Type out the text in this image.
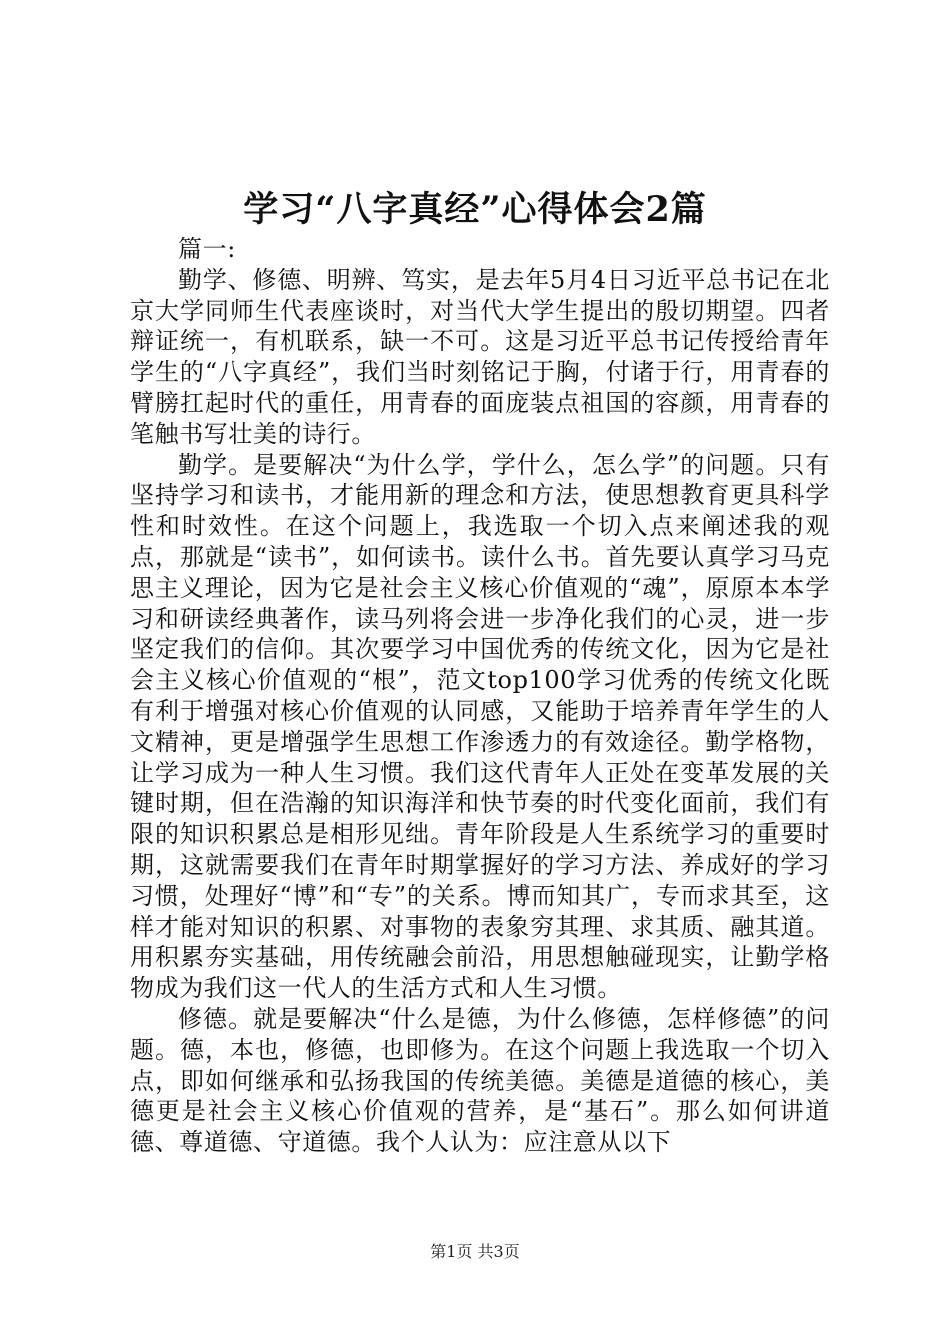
学习“八字真经”心得体会2篇

篇一:

勤学、修德、明辨、笃实，是去年5月4日习近平总书记在北京大学同师生代表座谈时，对当代大学生提出的殷切期望。四者辩证统一，有机联系，缺一不可。这是习近平总书记传授给青年学生的“八字真经”，我们当时刻铭记于胸，付诸于行，用青春的臂膀扛起时代的重任，用青春的面庞装点祖国的容颜，用青春的笔触书写壮美的诗行。

勤学。是要解决“为什么学，学什么，怎么学”的问题。只有坚持学习和读书，才能用新的理念和方法，使思想教育更具科学性和时效性。在这个问题上，我选取一个切入点来阐述我的观点，那就是“读书”，如何读书。读什么书。首先要认真学习马克思主义理论，因为它是社会主义核心价值观的“魂”，原原本本学习和研读经典著作，读马列将会进一步净化我们的心灵，进一步坚定我们的信仰。其次要学习中国优秀的传统文化，因为它是社会主义核心价值观的“根”，范文top100学习优秀的传统文化既有利于增强对核心价值观的认同感，又能助于培养青年学生的人文精神，更是增强学生思想工作渗透力的有效途径。勤学格物，让学习成为一种人生习惯。我们这代青年人正处在变革发展的关键时期，但在浩瀚的知识海洋和快节奏的时代变化面前，我们有限的知识积累总是相形见绌。青年阶段是人生系统学习的重要时期，这就需要我们在青年时期掌握好的学习方法、养成好的学习习惯，处理好“博”和“专”的关系。博而知其广，专而求其至，这样才能对知识的积累、对事物的表象穷其理、求其质、融其道。用积累夯实基础，用传统融会前沿，用思想触碰现实，让勤学格物成为我们这一代人的生活方式和人生习惯。

修德。就是要解决“什么是德，为什么修德，怎样修德”的问题。德，本也，修德，也即修为。在这个问题上我选取一个切入点，即如何继承和弘扬我国的传统美德。美德是道德的核心，美德更是社会主义核心价值观的营养，是“基石”。那么如何讲道德、尊道德、守道德。我个人认为：应注意从以下

第1页 共3页
